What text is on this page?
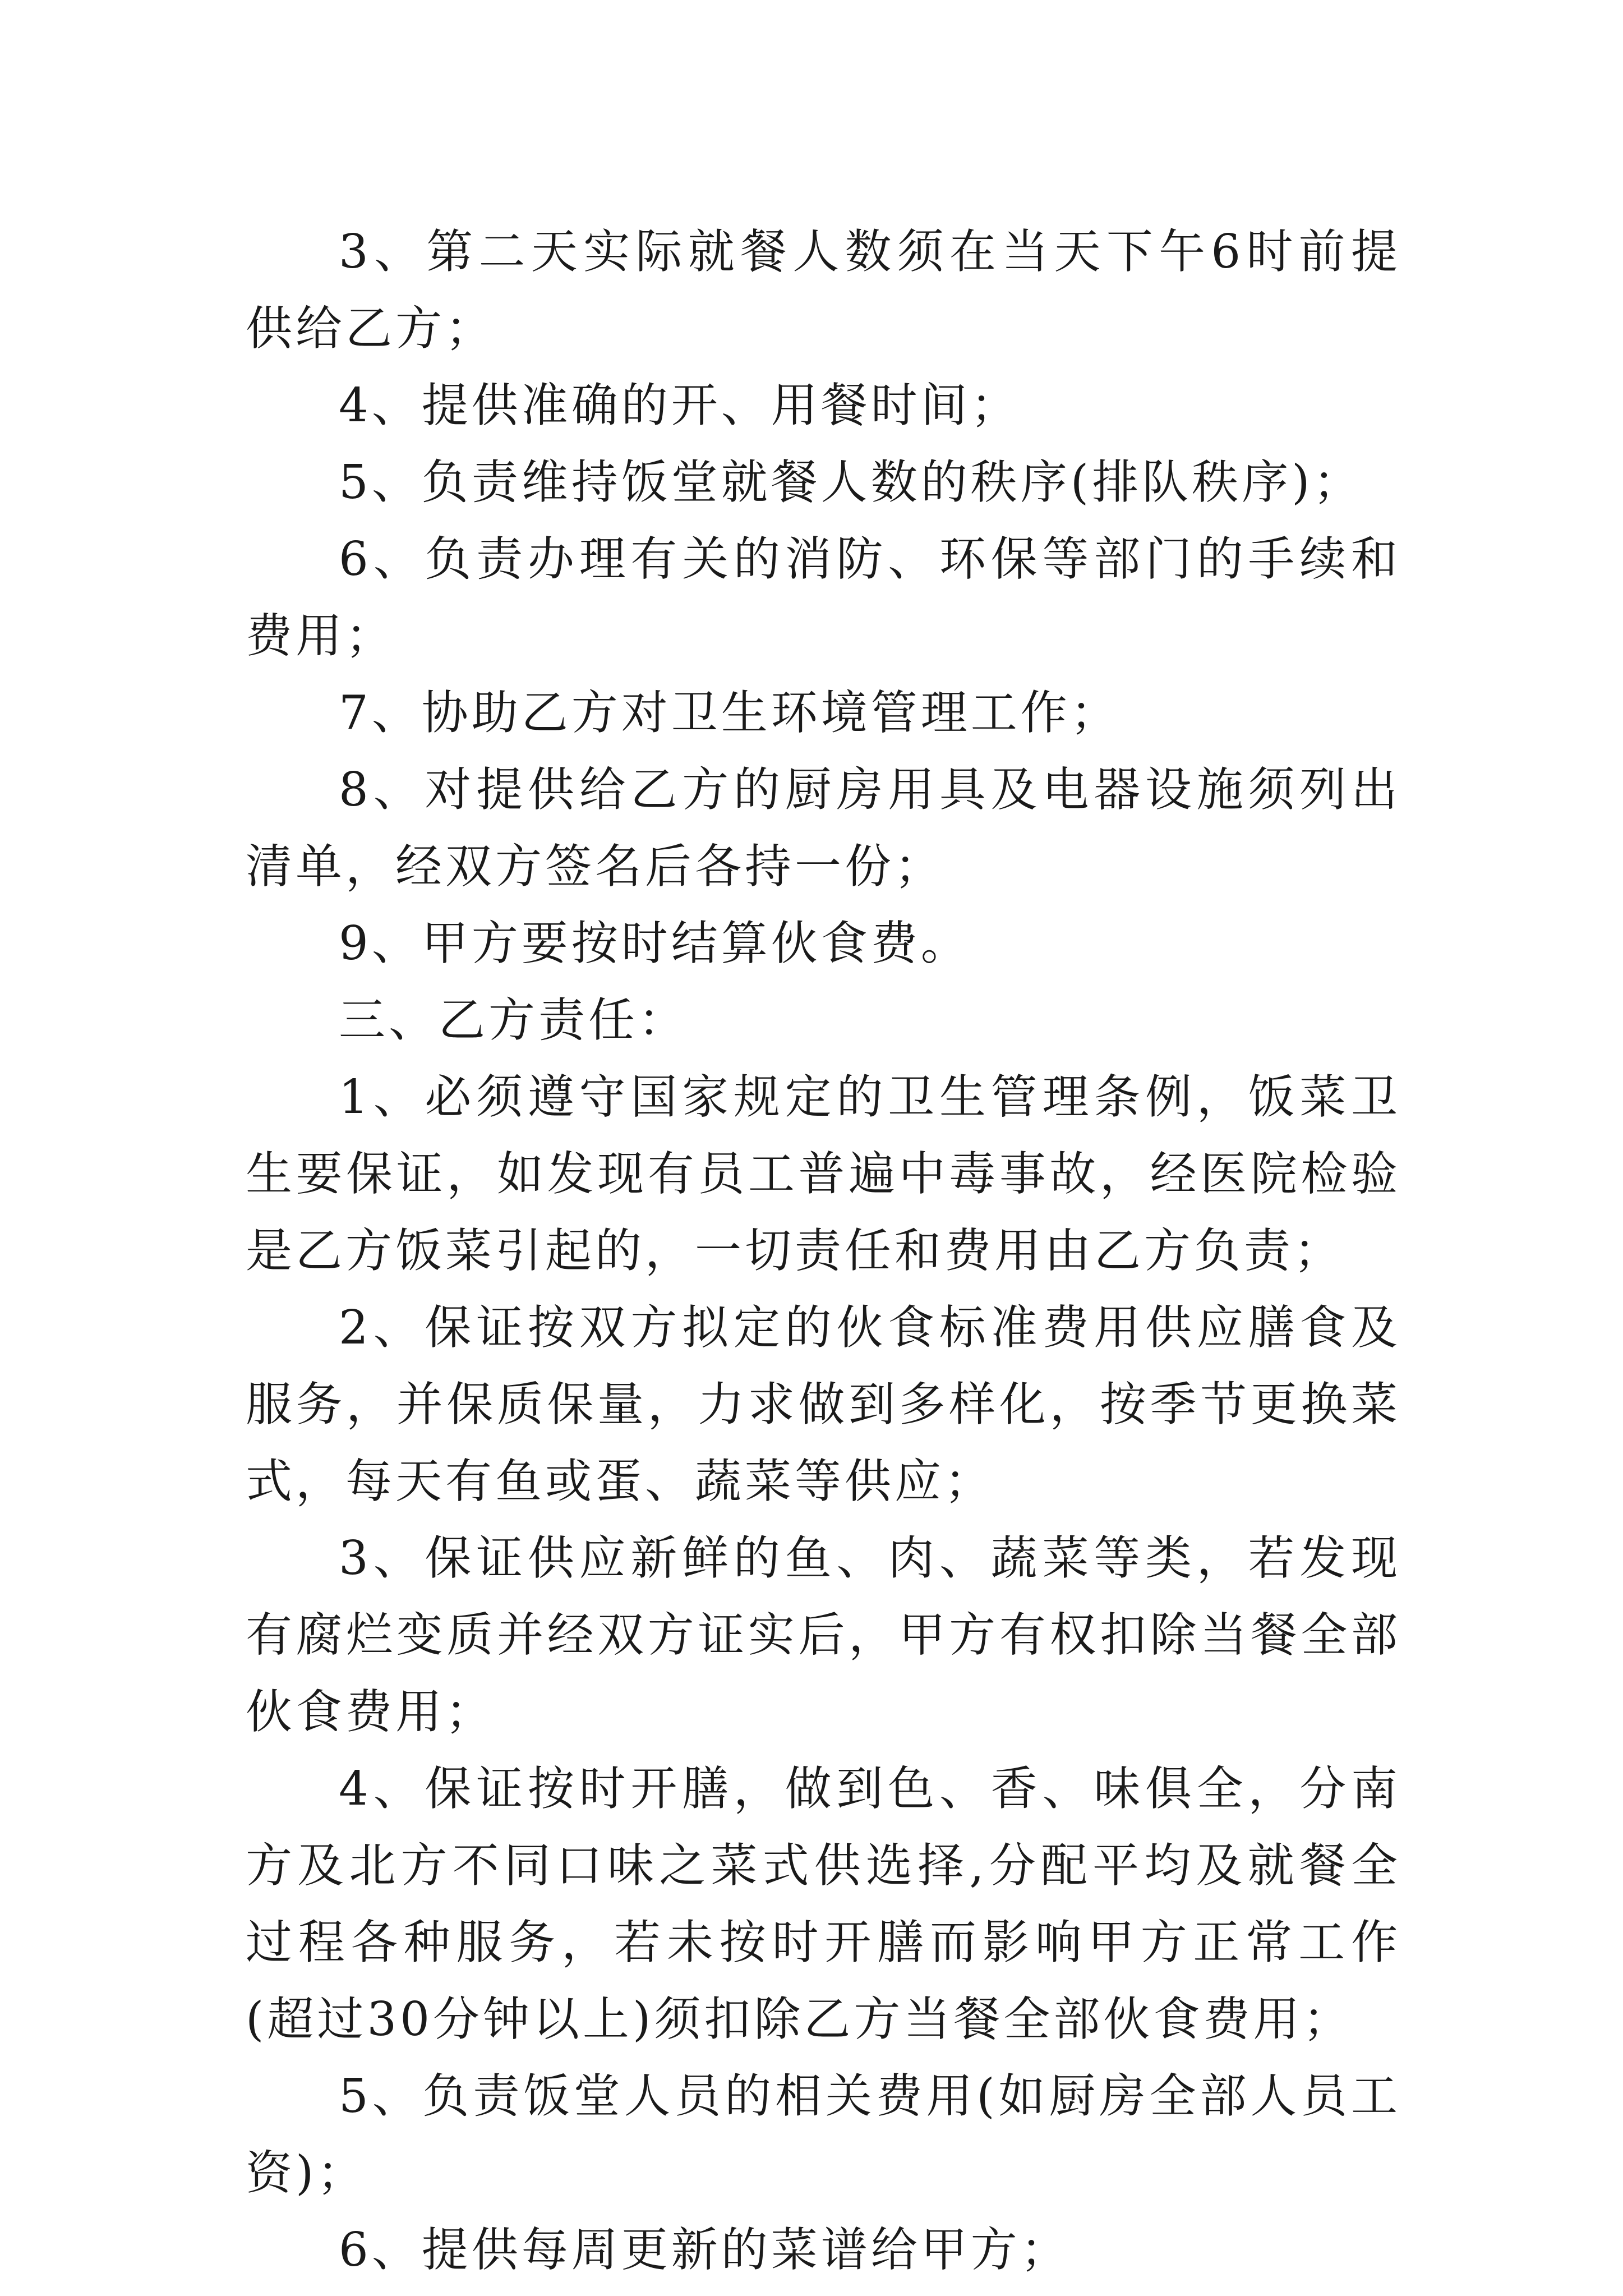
3、第二天实际就餐人数须在当天下午6时前提供给乙方；

4、提供准确的开、用餐时间；

5、负责维持饭堂就餐人数的秩序(排队秩序)；

6、负责办理有关的消防、环保等部门的手续和费用；

7、协助乙方对卫生环境管理工作；

8、对提供给乙方的厨房用具及电器设施须列出清单，经双方签名后各持一份；

9、甲方要按时结算伙食费。

三、乙方责任：

1、必须遵守国家规定的卫生管理条例，饭菜卫生要保证，如发现有员工普遍中毒事故，经医院检验是乙方饭菜引起的，一切责任和费用由乙方负责；

2、保证按双方拟定的伙食标准费用供应膳食及服务，并保质保量，力求做到多样化，按季节更换菜式，每天有鱼或蛋、蔬菜等供应；

3、保证供应新鲜的鱼、肉、蔬菜等类，若发现有腐烂变质并经双方证实后，甲方有权扣除当餐全部伙食费用；

4、保证按时开膳，做到色、香、味俱全，分南方及北方不同口味之菜式供选择,分配平均及就餐全过程各种服务，若未按时开膳而影响甲方正常工作(超过30分钟以上)须扣除乙方当餐全部伙食费用；

5、负责饭堂人员的相关费用(如厨房全部人员工资)；

6、提供每周更新的菜谱给甲方；
